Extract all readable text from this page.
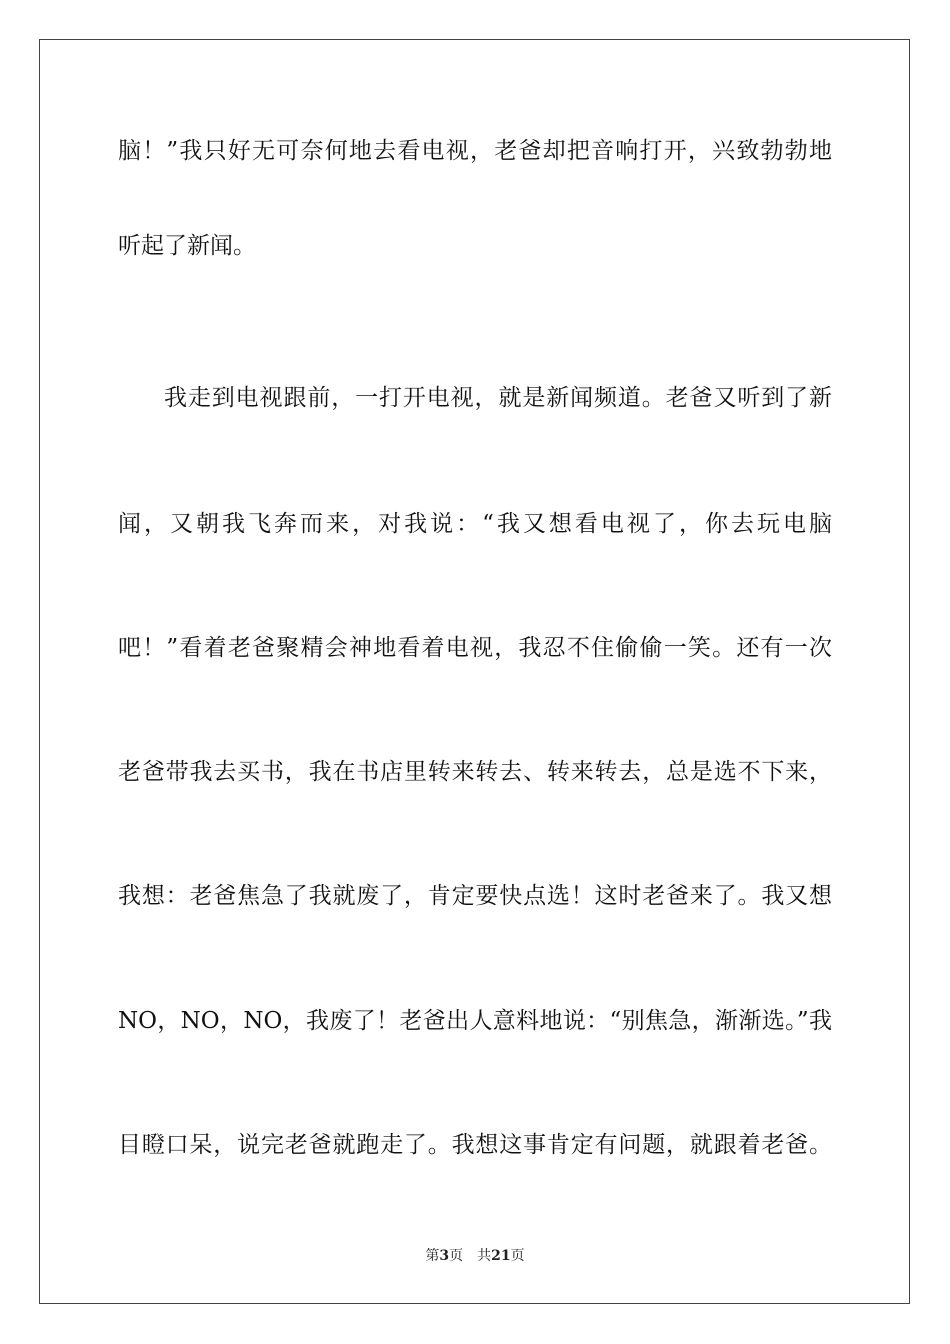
脑！”我只好无可奈何地去看电视，老爸却把音响打开，兴致勃勃地
听起了新闻。
我走到电视跟前，一打开电视，就是新闻频道。老爸又听到了新
闻，又朝我飞奔而来，对我说：“我又想看电视了，你去玩电脑
吧！”看着老爸聚精会神地看着电视，我忍不住偷偷一笑。还有一次
老爸带我去买书，我在书店里转来转去、转来转去，总是选不下来，
我想：老爸焦急了我就废了，肯定要快点选！这时老爸来了。我又想
NO，NO，NO，我废了！老爸出人意料地说：“别焦急，渐渐选。”我
目瞪口呆，说完老爸就跑走了。我想这事肯定有问题，就跟着老爸。
第3页 共21页
